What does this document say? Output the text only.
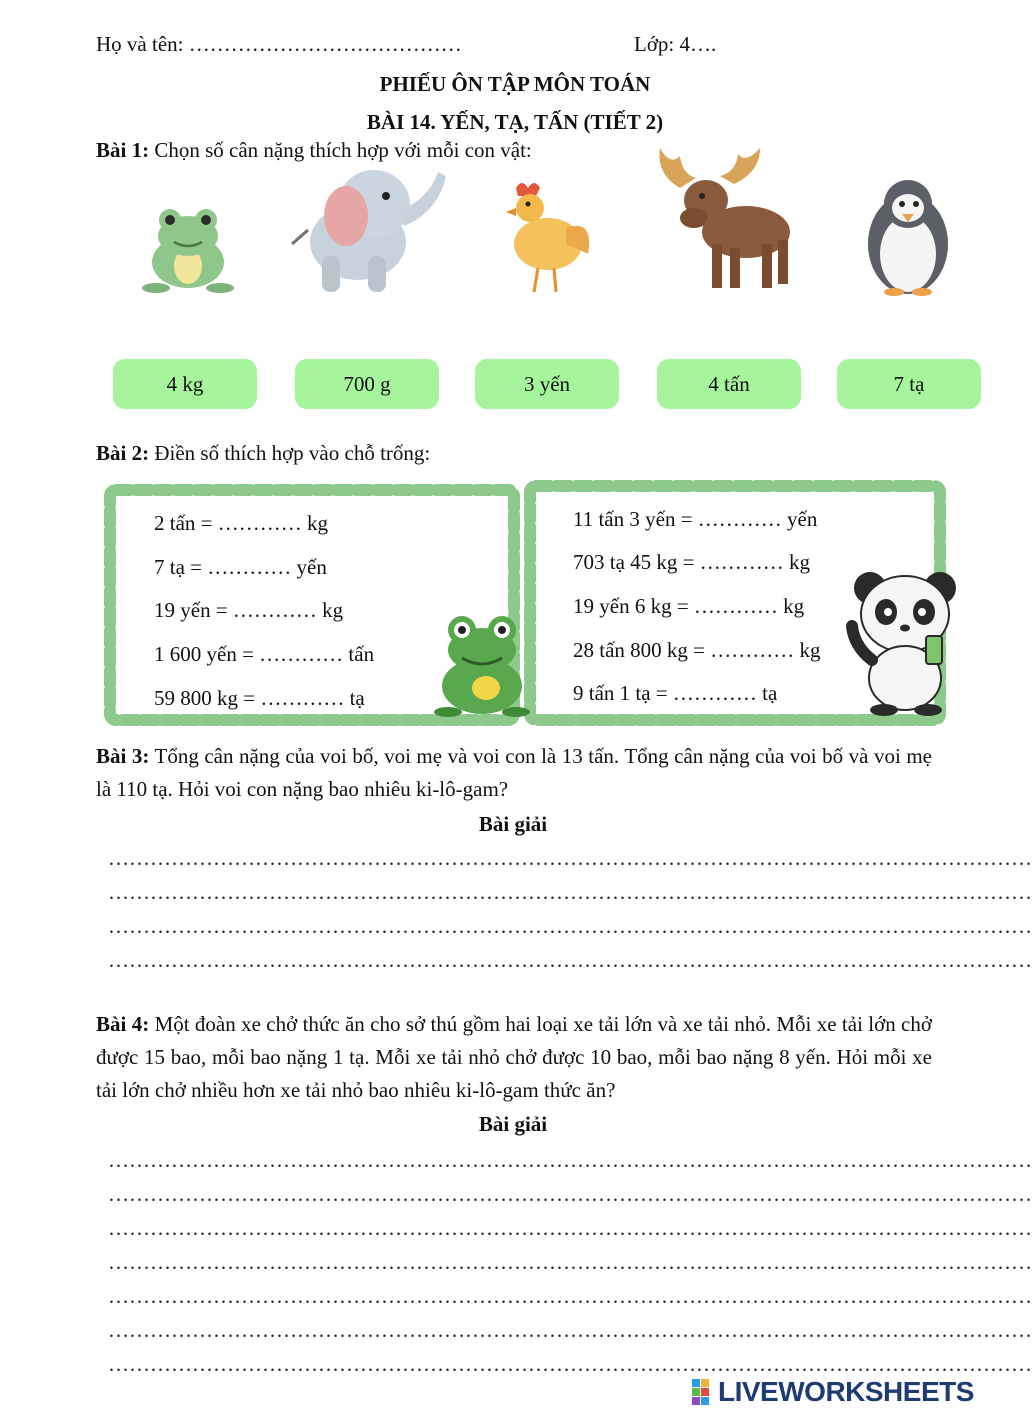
Họ và tên: …………………………………	Lớp: 4….
PHIẾU ÔN TẬP MÔN TOÁN
BÀI 14. YẾN, TẠ, TẤN (TIẾT 2)
Bài 1: Chọn số cân nặng thích hợp với mỗi con vật:
4 kg	700 g	3 yến	4 tấn	7 tạ
Bài 2: Điền số thích hợp vào chỗ trống:
2 tấn = ………… kg
7 tạ = ………… yến
19 yến = ………… kg
1 600 yến = ………… tấn
59 800 kg = ………… tạ
11 tấn 3 yến = ………… yến
703 tạ 45 kg = ………… kg
19 yến 6 kg = ………… kg
28 tấn 800 kg = ………… kg
9 tấn 1 tạ = ………… tạ
Bài 3: Tổng cân nặng của voi bố, voi mẹ và voi con là 13 tấn. Tổng cân nặng của voi bố và voi mẹ là 110 tạ. Hỏi voi con nặng bao nhiêu ki-lô-gam?
Bài giải
……………………………………………………………………………………………………………………
……………………………………………………………………………………………………………………
……………………………………………………………………………………………………………………
……………………………………………………………………………………………………………………
Bài 4: Một đoàn xe chở thức ăn cho sở thú gồm hai loại xe tải lớn và xe tải nhỏ. Mỗi xe tải lớn chở được 15 bao, mỗi bao nặng 1 tạ. Mỗi xe tải nhỏ chở được 10 bao, mỗi bao nặng 8 yến. Hỏi mỗi xe tải lớn chở nhiều hơn xe tải nhỏ bao nhiêu ki-lô-gam thức ăn?
Bài giải
……………………………………………………………………………………………………………………
……………………………………………………………………………………………………………………
……………………………………………………………………………………………………………………
……………………………………………………………………………………………………………………
……………………………………………………………………………………………………………………
……………………………………………………………………………………………………………………
……………………………………………………………………………………………………………………
LWS LIVEWORKSHEETS
